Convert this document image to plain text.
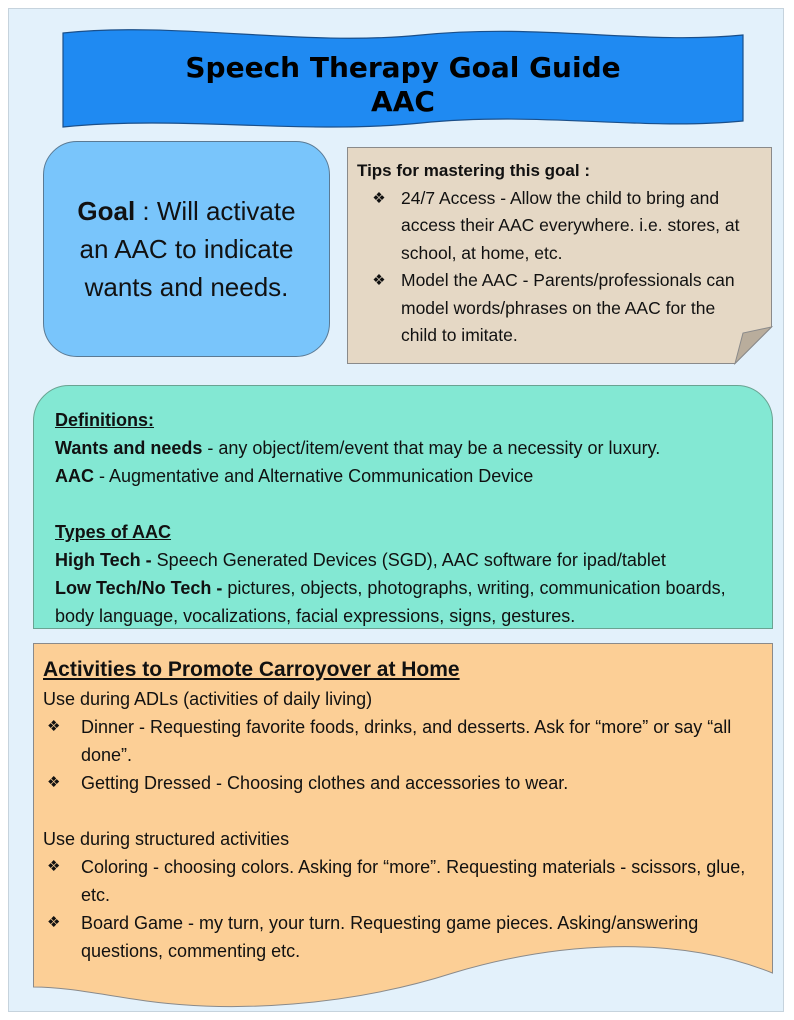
Speech Therapy Goal Guide
AAC
Goal : Will activate an AAC to indicate wants and needs.
Tips for mastering this goal :
❖ 24/7 Access - Allow the child to bring and access their AAC everywhere. i.e. stores, at school, at home, etc.
❖ Model the AAC - Parents/professionals can model words/phrases on the AAC for the child to imitate.
Definitions:
Wants and needs - any object/item/event that may be a necessity or luxury.
AAC - Augmentative and Alternative Communication Device
Types of AAC
High Tech - Speech Generated Devices (SGD), AAC software for ipad/tablet
Low Tech/No Tech - pictures, objects, photographs, writing, communication boards, body language, vocalizations, facial expressions, signs, gestures.
Activities to Promote Carroyover at Home
Use during ADLs (activities of daily living)
❖	Dinner - Requesting favorite foods, drinks, and desserts. Ask for “more” or say “all done”.
❖	Getting Dressed - Choosing clothes and accessories to wear.
Use during structured activities
❖	Coloring - choosing colors. Asking for “more”. Requesting materials - scissors, glue, etc.
❖	Board Game - my turn, your turn. Requesting game pieces. Asking/answering questions, commenting etc.
